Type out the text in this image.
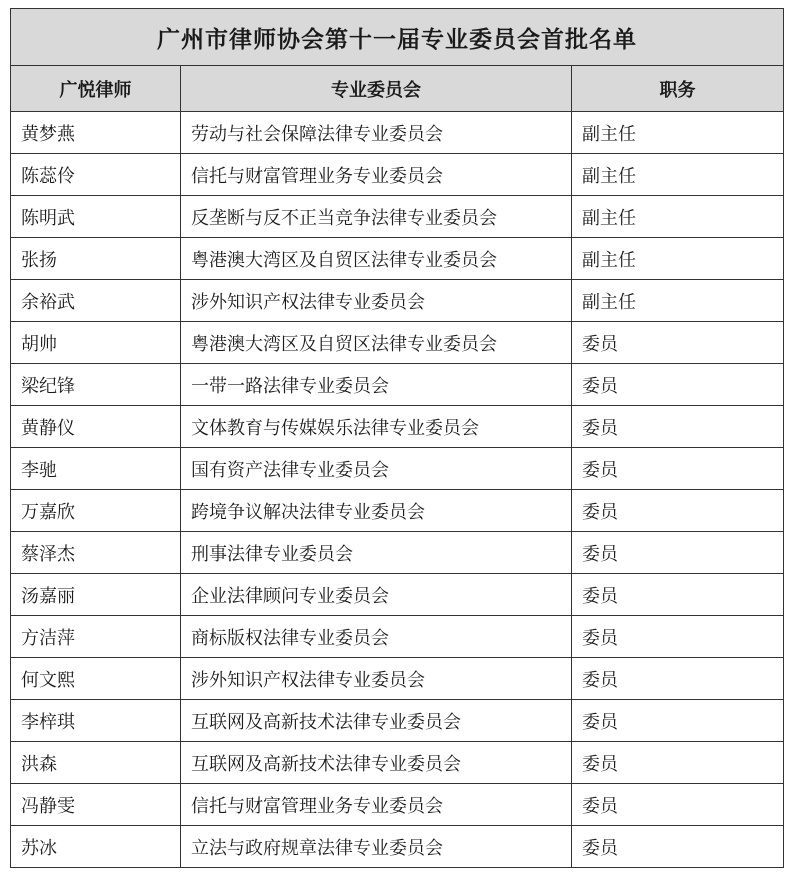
广州市律师协会第十一届专业委员会首批名单		
广悦律师	专业委员会	职务
黄梦燕	劳动与社会保障法律专业委员会	副主任
陈蕊伶	信托与财富管理业务专业委员会	副主任
陈明武	反垄断与反不正当竞争法律专业委员会	副主任
张扬	粤港澳大湾区及自贸区法律专业委员会	副主任
余裕武	涉外知识产权法律专业委员会	副主任
胡帅	粤港澳大湾区及自贸区法律专业委员会	委员
梁纪锋	一带一路法律专业委员会	委员
黄静仪	文体教育与传媒娱乐法律专业委员会	委员
李驰	国有资产法律专业委员会	委员
万嘉欣	跨境争议解决法律专业委员会	委员
蔡泽杰	刑事法律专业委员会	委员
汤嘉丽	企业法律顾问专业委员会	委员
方洁萍	商标版权法律专业委员会	委员
何文熙	涉外知识产权法律专业委员会	委员
李梓琪	互联网及高新技术法律专业委员会	委员
洪森	互联网及高新技术法律专业委员会	委员
冯静雯	信托与财富管理业务专业委员会	委员
苏冰	立法与政府规章法律专业委员会	委员
